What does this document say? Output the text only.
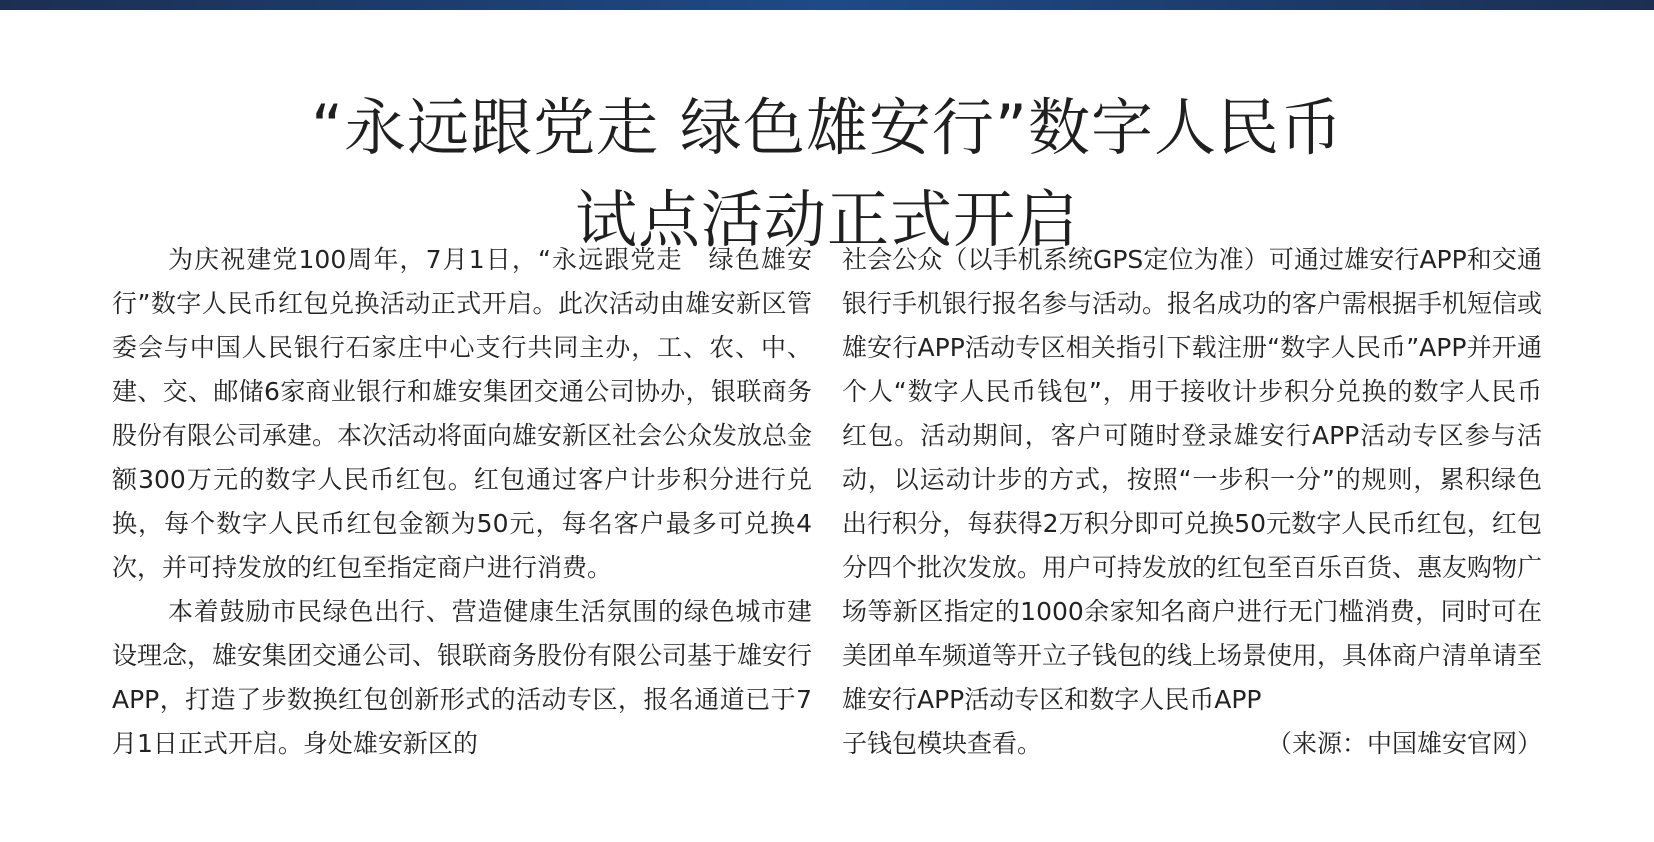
“永远跟党走 绿色雄安行”数字人民币
试点活动正式开启

为庆祝建党100周年，7月1日，“永远跟党走　绿色雄安行”数字人民币红包兑换活动正式开启。此次活动由雄安新区管委会与中国人民银行石家庄中心支行共同主办，工、农、中、建、交、邮储6家商业银行和雄安集团交通公司协办，银联商务股份有限公司承建。本次活动将面向雄安新区社会公众发放总金额300万元的数字人民币红包。红包通过客户计步积分进行兑换，每个数字人民币红包金额为50元，每名客户最多可兑换4次，并可持发放的红包至指定商户进行消费。

本着鼓励市民绿色出行、营造健康生活氛围的绿色城市建设理念，雄安集团交通公司、银联商务股份有限公司基于雄安行APP，打造了步数换红包创新形式的活动专区，报名通道已于7月1日正式开启。身处雄安新区的

社会公众（以手机系统GPS定位为准）可通过雄安行APP和交通银行手机银行报名参与活动。报名成功的客户需根据手机短信或雄安行APP活动专区相关指引下载注册“数字人民币”APP并开通个人“数字人民币钱包”，用于接收计步积分兑换的数字人民币红包。活动期间，客户可随时登录雄安行APP活动专区参与活动，以运动计步的方式，按照“一步积一分”的规则，累积绿色出行积分，每获得2万积分即可兑换50元数字人民币红包，红包分四个批次发放。用户可持发放的红包至百乐百货、惠友购物广场等新区指定的1000余家知名商户进行无门槛消费，同时可在美团单车频道等开立子钱包的线上场景使用，具体商户清单请至雄安行APP活动专区和数字人民币APP

子钱包模块查看。	（来源：中国雄安官网）
